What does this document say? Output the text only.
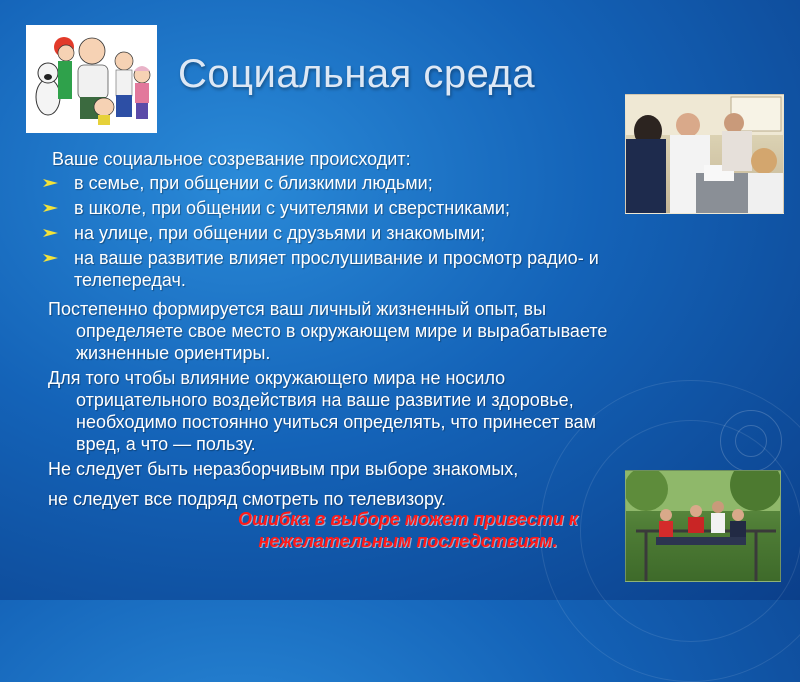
Социальная среда
Ваше социальное созревание происходит:
в семье, при общении с близкими людьми;
в школе, при общении с учителями и сверстниками;
на улице, при общении с друзьями и знакомыми;
на ваше развитие влияет прослушивание и просмотр радио- и
телепередач.
Постепенно формируется ваш личный жизненный опыт, вы
определяете свое место в окружающем мире и вырабатываете
жизненные ориентиры.
Для того чтобы влияние окружающего мира не носило
отрицательного воздействия на ваше развитие и здоровье,
необходимо постоянно учиться определять, что принесет вам
вред, а что — пользу.
Не следует быть неразборчивым при выборе знакомых,
не следует все подряд смотреть по телевизору.
Ошибка в выборе может привести к
нежелательным последствиям.
